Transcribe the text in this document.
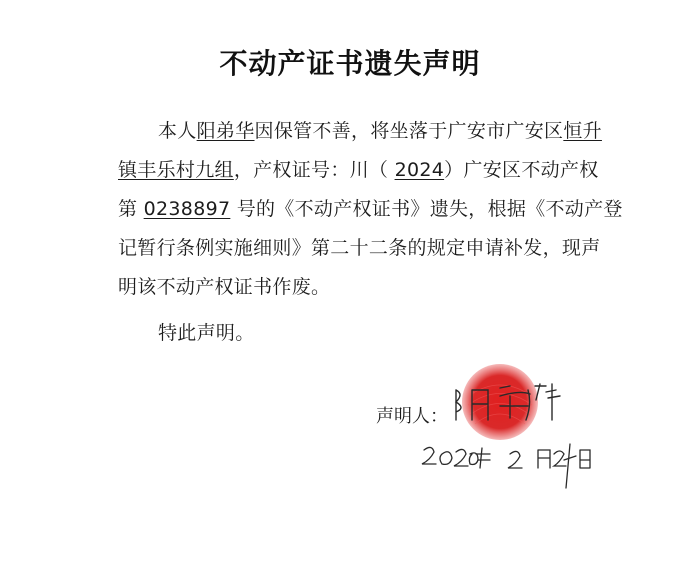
不动产证书遗失声明
本人阳弟华因保管不善，将坐落于广安市广安区恒升
镇丰乐村九组，产权证号：川（ 2024）广安区不动产权
第 0238897 号的《不动产权证书》遗失，根据《不动产登
记暂行条例实施细则》第二十二条的规定申请补发，现声
明该不动产权证书作废。
特此声明。
声明人：
